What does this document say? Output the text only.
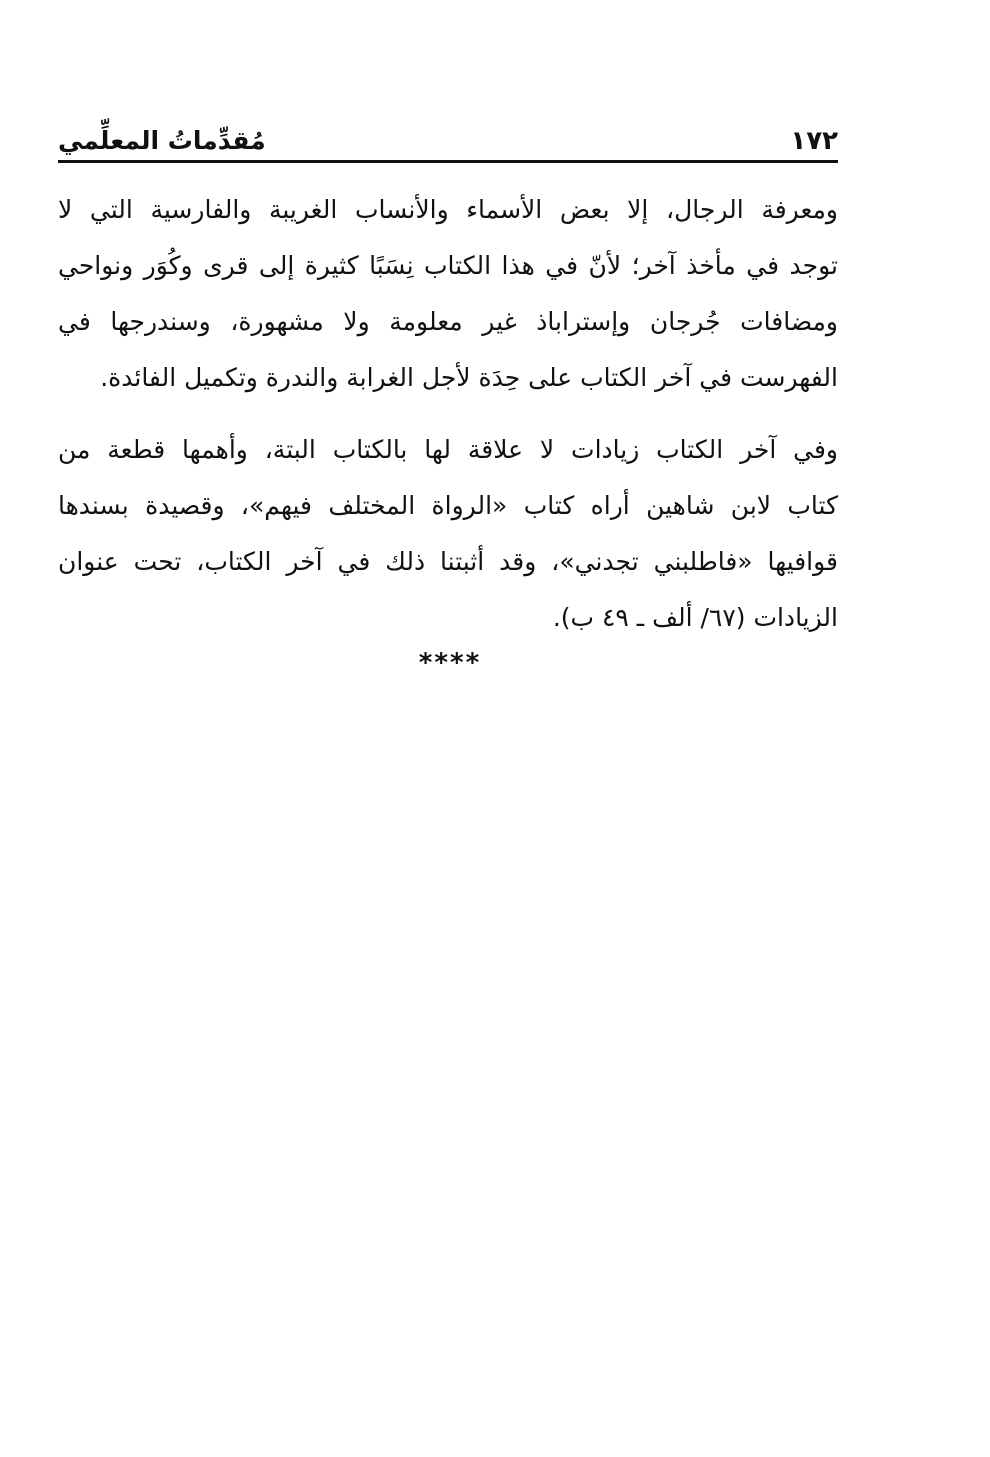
١٧٢
مُقدِّماتُ المعلِّمي
ومعرفة الرجال، إلا بعض الأسماء والأنساب الغريبة والفارسية التي لا
توجد في مأخذ آخر؛ لأنّ في هذا الكتاب نِسَبًا كثيرة إلى قرى وكُوَر ونواحي
ومضافات جُرجان وإستراباذ غير معلومة ولا مشهورة، وسندرجها في
الفهرست في آخر الكتاب على حِدَة لأجل الغرابة والندرة وتكميل الفائدة.
وفي آخر الكتاب زيادات لا علاقة لها بالكتاب البتة، وأهمها قطعة من
كتاب لابن شاهين أراه كتاب «الرواة المختلف فيهم»، وقصيدة بسندها
قوافيها «فاطلبني تجدني»، وقد أثبتنا ذلك في آخر الكتاب، تحت عنوان
الزيادات (٦٧/ ألف ـ ٤٩ ب).
****
